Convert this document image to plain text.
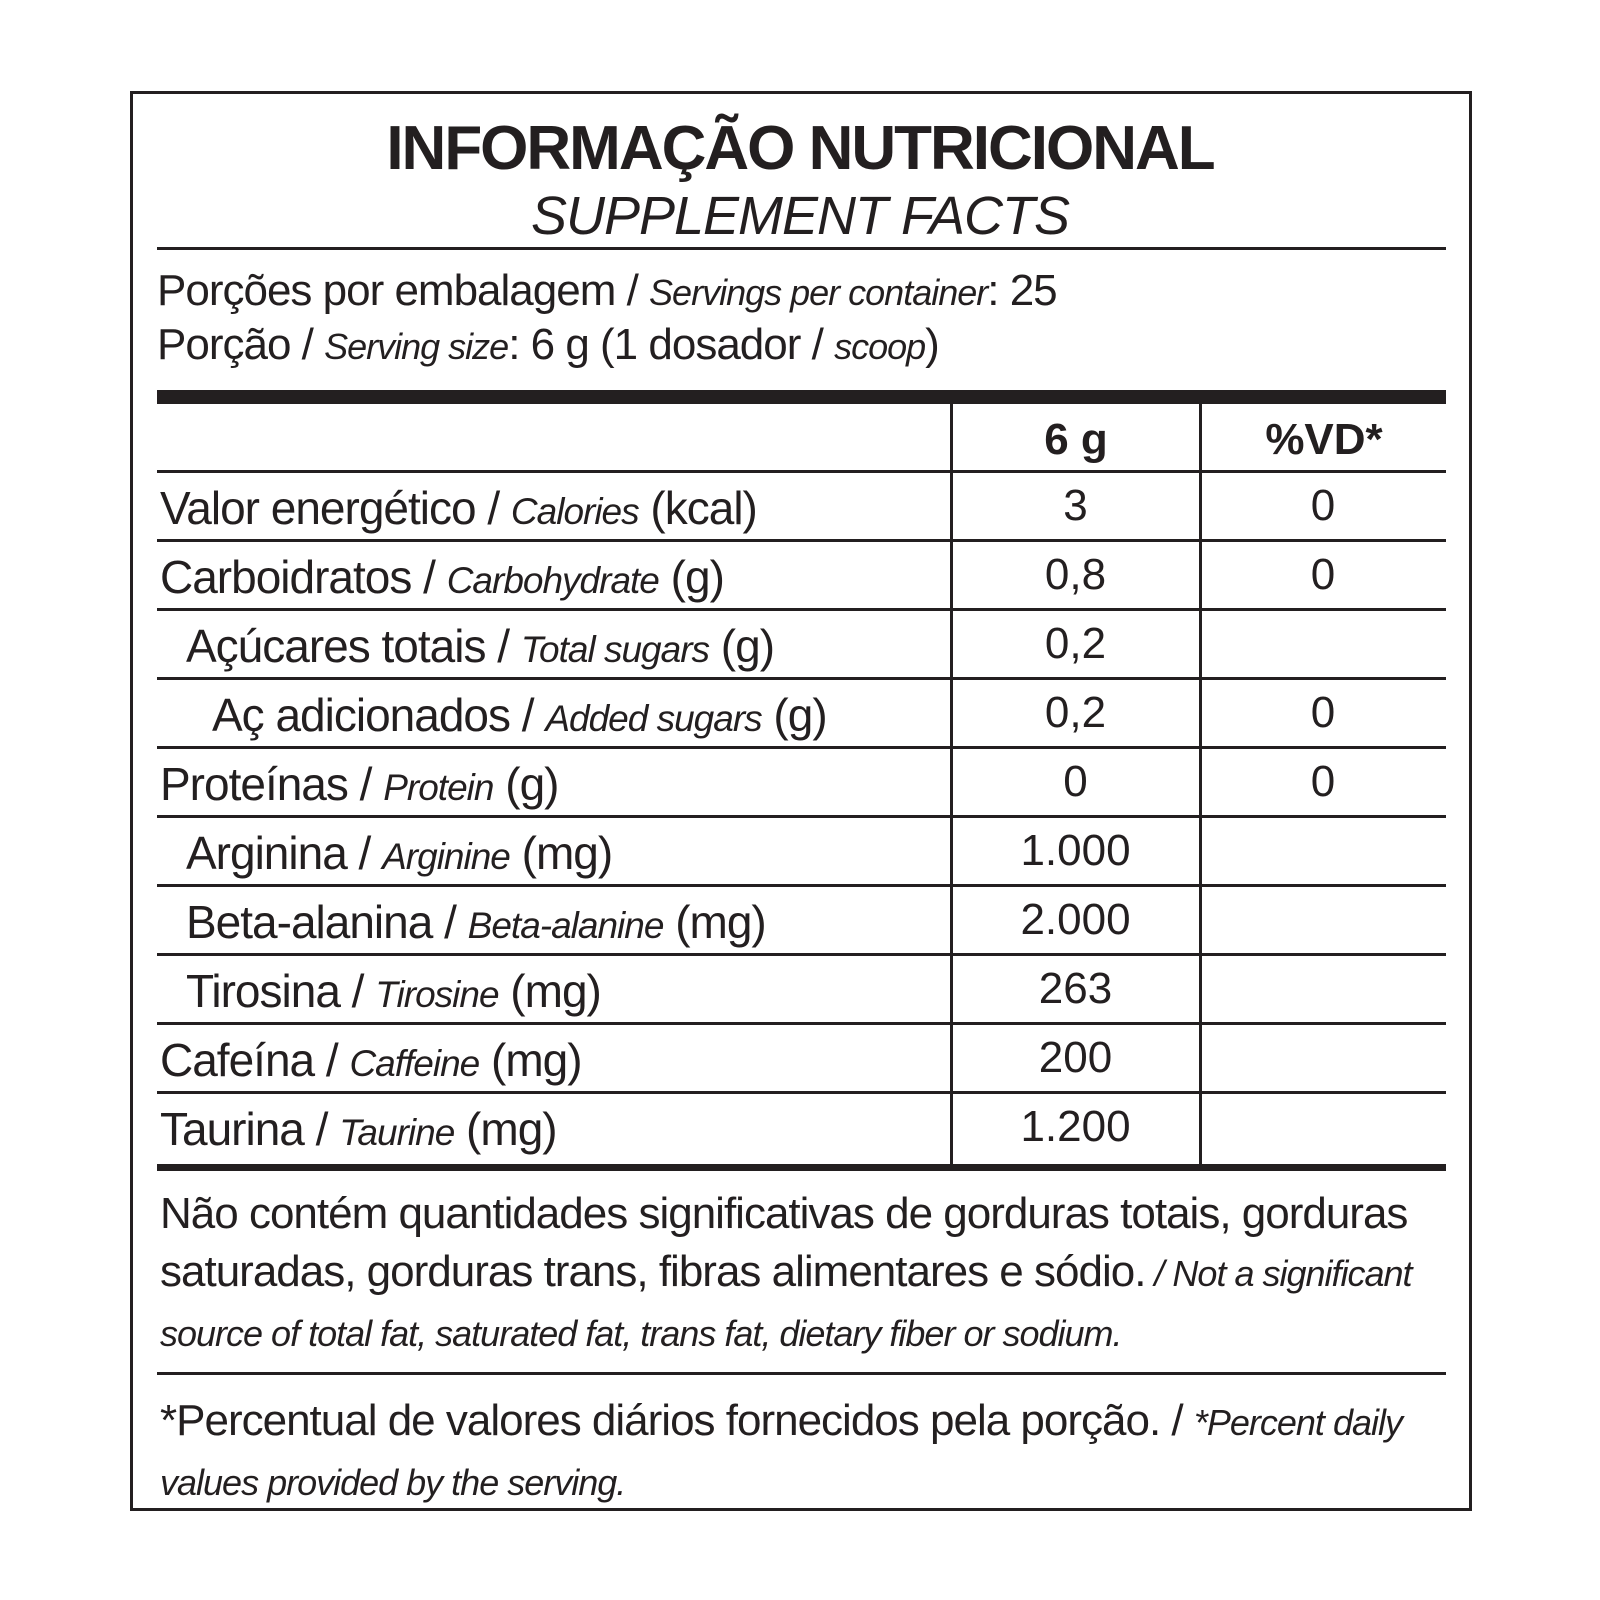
INFORMAÇÃO NUTRICIONAL
SUPPLEMENT FACTS
Porções por embalagem / Servings per container: 25
Porção / Serving size: 6 g (1 dosador / scoop)
6 g	%VD*
Valor energético / Calories (kcal)	3	0
Carboidratos / Carbohydrate (g)	0,8	0
Açúcares totais / Total sugars (g)	0,2
Aç adicionados / Added sugars (g)	0,2	0
Proteínas / Protein (g)	0	0
Arginina / Arginine (mg)	1.000
Beta-alanina / Beta-alanine (mg)	2.000
Tirosina / Tirosine (mg)	263
Cafeína / Caffeine (mg)	200
Taurina / Taurine (mg)	1.200
Não contém quantidades significativas de gorduras totais, gorduras saturadas, gorduras trans, fibras alimentares e sódio. / Not a significant source of total fat, saturated fat, trans fat, dietary fiber or sodium.
*Percentual de valores diários fornecidos pela porção. / *Percent daily values provided by the serving.
